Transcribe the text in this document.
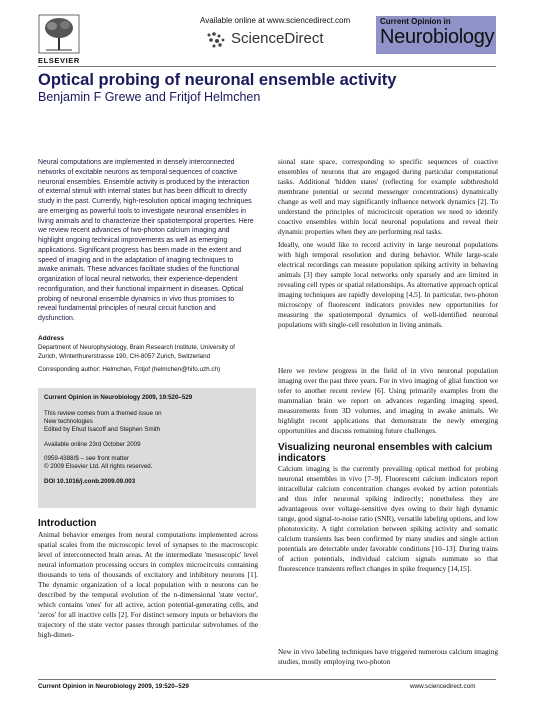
ELSEVIER
Available online at www.sciencedirect.com
ScienceDirect
Current Opinion in
Neurobiology
Optical probing of neuronal ensemble activity
Benjamin F Grewe and Fritjof Helmchen

Neural computations are implemented in densely interconnected networks of excitable neurons as temporal sequences of coactive neuronal ensembles. Ensemble activity is produced by the interaction of external stimuli with internal states but has been difficult to directly study in the past. Currently, high-resolution optical imaging techniques are emerging as powerful tools to investigate neuronal ensembles in living animals and to characterize their spatiotemporal properties. Here we review recent advances of two-photon calcium imaging and highlight ongoing technical improvements as well as emerging applications. Significant progress has been made in the extent and speed of imaging and in the adaptation of imaging techniques to awake animals. These advances facilitate studies of the functional organization of local neural networks, their experience-dependent reconfiguration, and their functional impairment in diseases. Optical probing of neuronal ensemble dynamics in vivo thus promises to reveal fundamental principles of neural circuit function and dysfunction.

Address

Department of Neurophysiology, Brain Research Institute, University of Zurich, Winterthurerstrasse 190, CH-8057 Zurich, Switzerland

Corresponding author: Helmchen, Fritjof (helmchen@hifo.uzh.ch)
Current Opinion in Neurobiology 2009, 19:520–529
This review comes from a themed issue on
New technologies
Edited by Ehud Isacoff and Stephen Smith
Available online 23rd October 2009
0959-4388/$ – see front matter
© 2009 Elsevier Ltd. All rights reserved.
DOI 10.1016/j.conb.2009.09.003
Introduction

Animal behavior emerges from neural computations implemented across spatial scales from the microscopic level of synapses to the macroscopic level of interconnected brain areas. At the intermediate 'mesoscopic' level neural information processing occurs in complex microcircuits containing thousands to tens of thousands of excitatory and inhibitory neurons [1]. The dynamic organization of a local population with n neurons can be described by the temporal evolution of the n-dimensional 'state vector', which contains 'ones' for all active, action potential-generating cells, and 'zeros' for all inactive cells [2]. For distinct sensory inputs or behaviors the trajectory of the state vector passes through particular subvolumes of the high-dimen-

sional state space, corresponding to specific sequences of coactive ensembles of neurons that are engaged during particular computational tasks. Additional 'hidden states' (reflecting for example subthreshold membrane potential or second messenger concentrations) dynamically change as well and may significantly influence network dynamics [2]. To understand the principles of microcircuit operation we need to identify coactive ensembles within local neuronal populations and reveal their dynamic properties when they are performing real tasks.

Ideally, one would like to record activity in large neuronal populations with high temporal resolution and during behavior. While large-scale electrical recordings can measure population spiking activity in behaving animals [3] they sample local networks only sparsely and are limited in revealing cell types or spatial relationships. As alternative approach optical imaging techniques are rapidly developing [4,5]. In particular, two-photon microscopy of fluorescent indicators provides new opportunities for measuring the spatiotemporal dynamics of well-identified neuronal populations with single-cell resolution in living animals.

Here we review progress in the field of in vivo neuronal population imaging over the past three years. For in vivo imaging of glial function we refer to another recent review [6]. Using primarily examples from the mammalian brain we report on advances regarding imaging speed, measurements from 3D volumes, and imaging in awake animals. We highlight recent applications that demonstrate the newly emerging opportunities and discuss remaining future challenges.

Visualizing neuronal ensembles with calcium indicators

Calcium imaging is the currently prevailing optical method for probing neuronal ensembles in vivo [7–9]. Fluorescent calcium indicators report intracellular calcium concentration changes evoked by action potentials and thus infer neuronal spiking indirectly; nonetheless they are advantageous over voltage-sensitive dyes owing to their high dynamic range, good signal-to-noise ratio (SNR), versatile labeling options, and low phototoxicity. A tight correlation between spiking activity and somatic calcium transients has been confirmed by many studies and single action potentials are detectable under favorable conditions [10–13]. During trains of action potentials, individual calcium signals summate so that fluorescence transients reflect changes in spike frequency [14,15].

New in vivo labeling techniques have triggered numerous calcium imaging studies, mostly employing two-photon

Current Opinion in Neurobiology 2009, 19:520–529	www.sciencedirect.com
